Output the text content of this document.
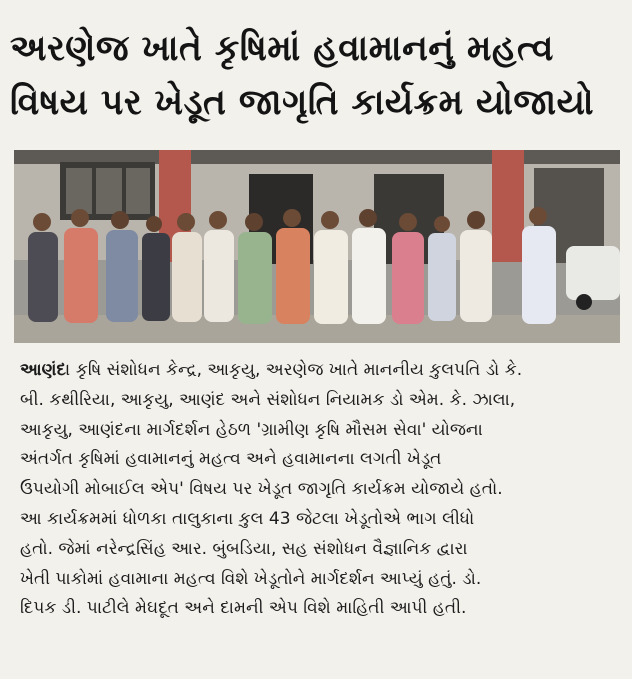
અરણેજ ખાતે કૃષિમાં હવામાનનું મહત્વ
વિષય પર ખેડૂત જાગૃતિ કાર્યક્રમ યોજાયો
આણંદ। કૃષિ સંશોધન કેન્દ્ર, આકૃયુ, અરણેજ ખાતે માનનીય કુલપતિ ડો કે.
બી. કથીરિયા, આકૃયુ, આણંદ અને સંશોધન નિયામક ડો એમ. કે. ઝાલા,
આકૃયુ, આણંદના માર્ગદર્શન હેઠળ 'ગ્રામીણ કૃષિ મૌસમ સેવા' યોજના
અંતર્ગત કૃષિમાં હવામાનનું મહત્વ અને હવામાનના લગતી ખેડૂત
ઉપયોગી મોબાઈલ એપ' વિષય પર ખેડૂત જાગૃતિ કાર્યક્રમ યોજાયે હતો.
આ કાર્યક્રમમાં ધોળકા તાલુકાના કુલ 43 જેટલા ખેડૂતોએ ભાગ લીધો
હતો. જેમાં નરેન્દ્રસિંહ આર. બુંબડિયા, સહ સંશોધન વૈજ્ઞાનિક દ્વારા
ખેતી પાકોમાં હવામાના મહત્વ વિશે ખેડૂતોને માર્ગદર્શન આપ્યું હતું. ડો.
દિપક ડી. પાટીલે મેઘદૂત અને દામની એપ વિશે માહિતી આપી હતી.
